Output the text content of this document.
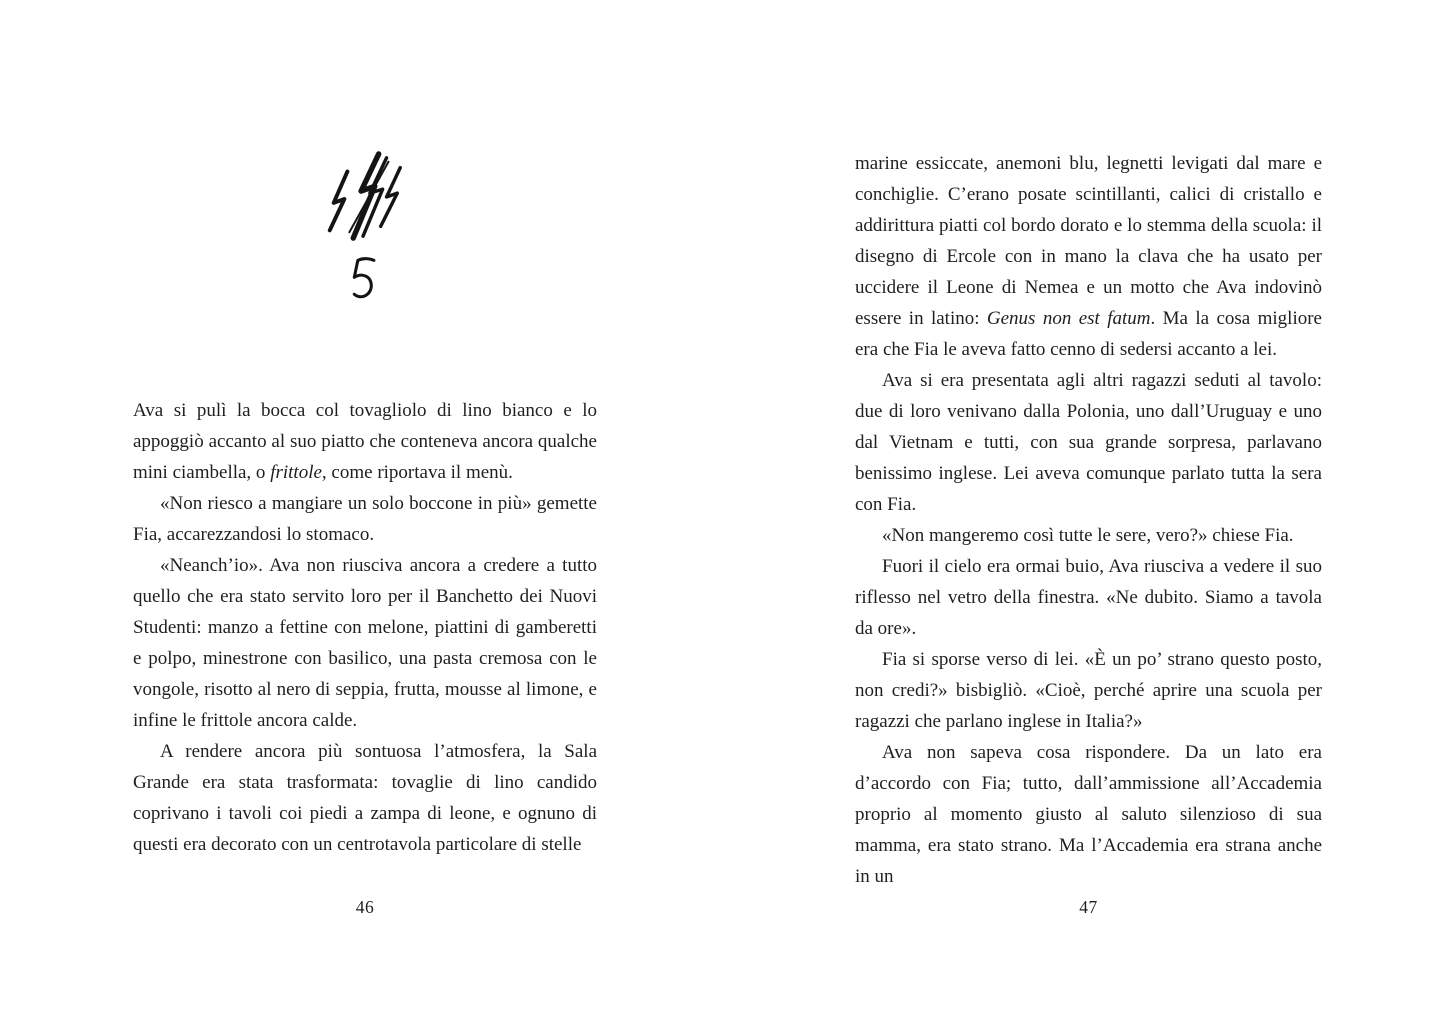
Ava si pulì la bocca col tovagliolo di lino bianco e lo appoggiò accanto al suo piatto che conteneva ancora qualche mini ciambella, o frittole, come riportava il menù.

«Non riesco a mangiare un solo boccone in più» gemette Fia, accarezzandosi lo stomaco.

«Neanch’io». Ava non riusciva ancora a credere a tutto quello che era stato servito loro per il Banchetto dei Nuovi Studenti: manzo a fettine con melone, piattini di gamberetti e polpo, minestrone con basilico, una pasta cremosa con le vongole, risotto al nero di seppia, frutta, mousse al limone, e infine le frittole ancora calde.

A rendere ancora più sontuosa l’atmosfera, la Sala Grande era stata trasformata: tovaglie di lino candido coprivano i tavoli coi piedi a zampa di leone, e ognuno di questi era decorato con un centrotavola particolare di stelle

46

marine essiccate, anemoni blu, legnetti levigati dal mare e conchiglie. C’erano posate scintillanti, calici di cristallo e addirittura piatti col bordo dorato e lo stemma della scuola: il disegno di Ercole con in mano la clava che ha usato per uccidere il Leone di Nemea e un motto che Ava indovinò essere in latino: Genus non est fatum. Ma la cosa migliore era che Fia le aveva fatto cenno di sedersi accanto a lei.

Ava si era presentata agli altri ragazzi seduti al tavolo: due di loro venivano dalla Polonia, uno dall’Uruguay e uno dal Vietnam e tutti, con sua grande sorpresa, parlavano benissimo inglese. Lei aveva comunque parlato tutta la sera con Fia.

«Non mangeremo così tutte le sere, vero?» chiese Fia.

Fuori il cielo era ormai buio, Ava riusciva a vedere il suo riflesso nel vetro della finestra. «Ne dubito. Siamo a tavola da ore».

Fia si sporse verso di lei. «È un po’ strano questo posto, non credi?» bisbigliò. «Cioè, perché aprire una scuola per ragazzi che parlano inglese in Italia?»

Ava non sapeva cosa rispondere. Da un lato era d’accordo con Fia; tutto, dall’ammissione all’Accademia proprio al momento giusto al saluto silenzioso di sua mamma, era stato strano. Ma l’Accademia era strana anche in un

47
